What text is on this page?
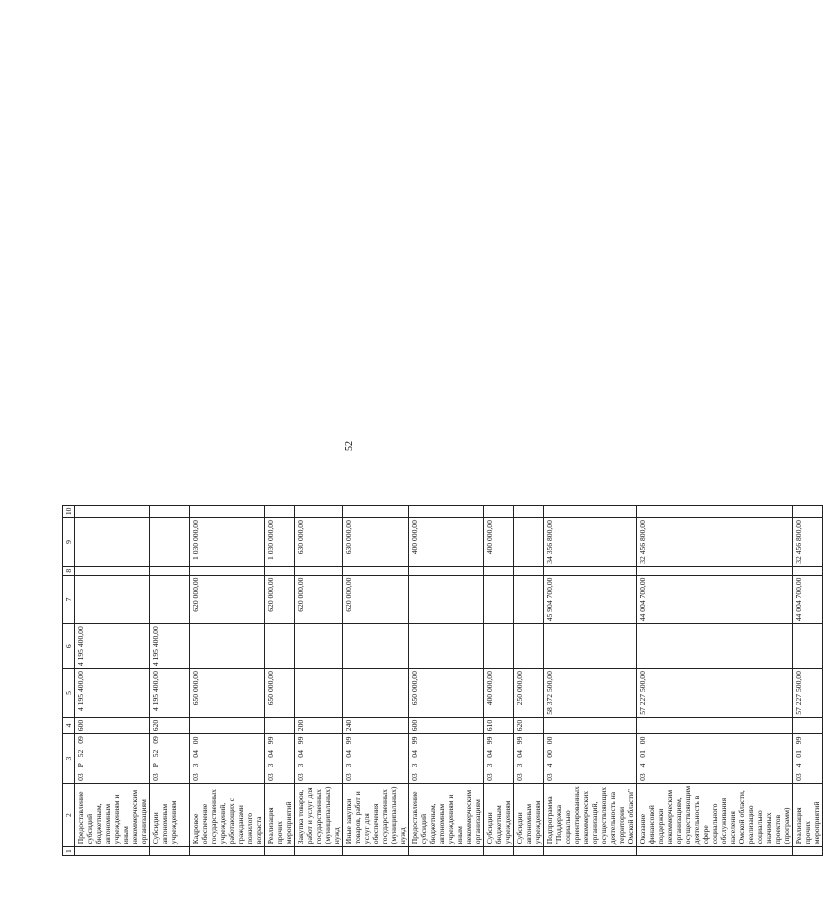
52
1	2	3	4	5	6	7	8	9	10
	Предоставление субсидий бюджетным, автономным учреждениям и иным некоммерческим организациям	03 Р 52 09	600	4 195 400,00	4 195 400,00				
	Субсидии автономным учреждениям	03 Р 52 09	620	4 195 400,00	4 195 400,00				
	Кадровое обеспечение государственных учреждений, работающих с гражданами пожилого возраста	03 3 04 00		650 000,00		620 000,00		1 030 000,00	
	Реализация прочих мероприятий	03 3 04 99		650 000,00		620 000,00		1 030 000,00	
	Закупка товаров, работ и услуг для государственных (муниципальных) нужд	03 3 04 99	200			620 000,00		630 000,00	
	Иные закупки товаров, работ и услуг для обеспечения государственных (муниципальных) нужд	03 3 04 99	240			620 000,00		630 000,00	
	Предоставление субсидий бюджетным, автономным учреждениям и иным некоммерческим организациям	03 3 04 99	600	650 000,00				400 000,00	
	Субсидии бюджетным учреждениям	03 3 04 99	610	400 000,00				400 000,00	
	Субсидии автономным учреждениям	03 3 04 99	620	250 000,00					
	Подпрограмма "Поддержка социально ориентированных некоммерческих организаций, осуществляющих деятельность на территории Омской области"	03 4 00 00		58 372 500,00		45 904 700,00		34 356 800,00	
	Оказание финансовой поддержки некоммерческим организациям, осуществляющим деятельность в сфере социального обслуживания населения Омской области, реализацию социально значимых проектов (программ)	03 4 01 00		57 227 500,00		44 004 700,00		32 456 800,00	
	Реализация прочих мероприятий	03 4 01 99		57 227 500,00		44 004 700,00		32 456 800,00	
